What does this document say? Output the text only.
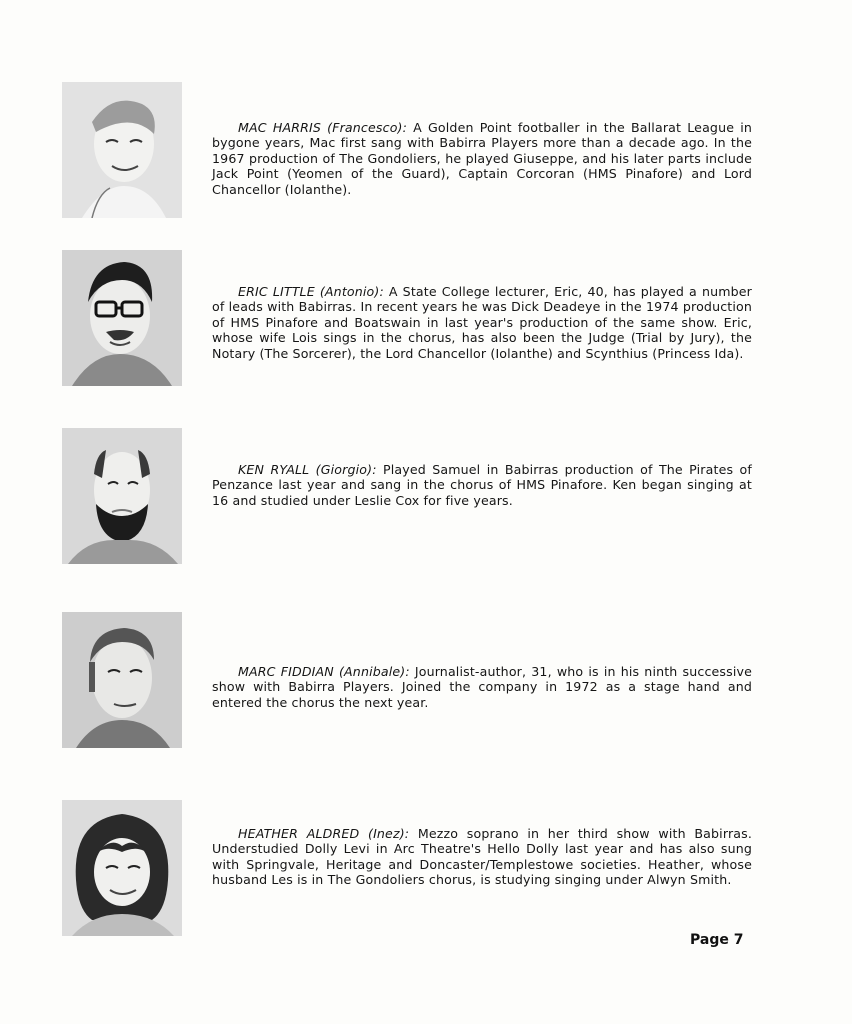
MAC HARRIS (Francesco): A Golden Point footballer in the Ballarat League in bygone years, Mac first sang with Babirra Players more than a decade ago. In the 1967 production of The Gondoliers, he played Giuseppe, and his later parts include Jack Point (Yeomen of the Guard), Captain Corcoran (HMS Pinafore) and Lord Chancellor (Iolanthe).
ERIC LITTLE (Antonio): A State College lecturer, Eric, 40, has played a number of leads with Babirras. In recent years he was Dick Deadeye in the 1974 production of HMS Pinafore and Boatswain in last year's production of the same show. Eric, whose wife Lois sings in the chorus, has also been the Judge (Trial by Jury), the Notary (The Sorcerer), the Lord Chancellor (Iolanthe) and Scynthius (Princess Ida).
KEN RYALL (Giorgio): Played Samuel in Babirras production of The Pirates of Penzance last year and sang in the chorus of HMS Pinafore. Ken began singing at 16 and studied under Leslie Cox for five years.
MARC FIDDIAN (Annibale): Journalist-author, 31, who is in his ninth successive show with Babirra Players. Joined the company in 1972 as a stage hand and entered the chorus the next year.
HEATHER ALDRED (Inez): Mezzo soprano in her third show with Babirras. Understudied Dolly Levi in Arc Theatre's Hello Dolly last year and has also sung with Springvale, Heritage and Doncaster/Templestowe societies. Heather, whose husband Les is in The Gondoliers chorus, is studying singing under Alwyn Smith.
Page 7
